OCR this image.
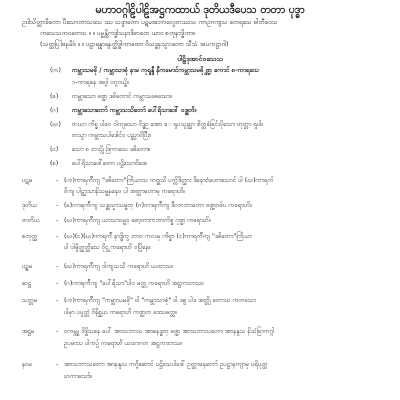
မဟာဝဂ္ဂါဠိပါဠိအဋ္ဌကထာယ် ဒုတိယဒီပေသ တတာ ပုဒ္ဓာ
ဥပါသိတ္တာခိတော ပိံသောတာသသေ ဿ သဒ္ဒာတော ပဋမအဘာလွေတဿသ ကာဥဂကျသ တေရသေ ဓါတီဝေသ
ကသေသကဝတေသ ။ ။ ပမ္မန္တိကဒ္ဓါသနာဒိဓာတေ ယာဝ စတုနာဒ္ဓိကာ။
(သတ္တပြါဓနမိဒံ ။ ။ ပဠာရန္နာရနတ္ထိဒ္ဓါကာထော ဝိသဒ္ဓနသွားတော သီသံ အပကဋ္ဌာဂါ)
ပါဠိဒုအာင်ဝသေသ
(က) ကမ္ဘာသမဓို / ကမ္ဘာသာဓုံ နာမ ကုရ္ဒန္ဒီ နီကမောင်ကမ္ဘာသမဓို ဏ္ဍွ ကောင် ၈-ကာရသေ
၁-ကာရနေ အဂ္ဂါ ဝဂ္ဂဝယ္ဓိ။
(ခ) ကမ္ဘာသော ဓဏ္ဍ ဒဓိတောင် ကမ္ဘာသဓဓသော။
(ဂ) ကမ္ဘာသောတော် ကမ္ဘာသသိတော် ပေါ်ရိသာဒေါ် ဝဒ္ဓုတိ။
(ဃ) တယာ ကိစ္စ ပါဝေ ဝါကျသော ဝိဒ္ဓဥ အော ေ ရှပသွဆ္ထာ စိတ္တခံခြင်းပိုသော ဟုတ္တာ ရှုပါ။
တသွာ ကမ္ဘာသပါဒေါင်ဝ ပည္လာဝိပြီး။
(င) သော ၈ တသွို ဒြကာသေ ဒဓိတော။
(စ) ပေါ်ရိသာဒေါ်တော ပဋ္ဌိသောဝိဒေ။
ပဋမ	- (က)ကာရက်ိကျ "ဒဓိတော"ကြိယာသ ကဗ္ဗုသိ ပက္ကိဒိတ္ထား ဒိနောဗံဟောသောင် ပါ (ဃ)ကာရက်
ဝိကျ ပါဠ္ဍာသာနိသမ္မနနေဝ ပါ အတ္တာဟောမှ ကရောဟိ။
ဒုတိယ	- (ခ)ကာရက်ိကျ သဒ္ဓုသ္ဍာသမ္မတ္ (ဂ)ကာရက်ိကျ ဒီဝဘဘာတော ဓဏ္ဍဂဓ်ပ ကရောဟိ။
တတိယ	- (ဃ)ကာရက်ိကျ ယာသာဝမ္မဝ္ ဓော့တာကဘာကိစ္စ ဂုဏ္ဍ ကရောဟိ။
စတုတ္ထ	- (ဃ)(င)(ဃ)ကာရက်ိ နာဒ္ဓိကွ ဘာဝ ကလမှ ကိစ္စာ (င)ကာရက်ိကျ "ဒဓိတော"ကြိယာ
ပါ ဝါမွိတ္ထတ္ထိသေ ဝိုင္ငွ ကရောဟိ ဝပြိုနေ။
ပဥ္စမ	- (ဃ)ကာရက်ိကျ ဝါကျသသိ ကရောဟိ ယထာသ။
ဆဋ္ဌ	- (ဂ)ကာရက်ိကျ "ပေါ်ရိသာ"ပါဝ မတ္တ္ ကရောဟိ အဋ္ဌကထာသ။
သတ္တမ	- (က)ကာရက်ိကျ "ကမ္ဘာသမဓို" ဝါ "ကမ္ဘာသာဓုံ" ဝါ ဒဓွ ပါဒ အတ္တို တောသ ကတသော
ပါမှာ ပပွတ္တံ ဝိနိစ္ဆယ ကရောဟိ ကဏ္ဍတ ဒေသဓတ္ထ။
အဋ္ဌမ	- ဝကမ္ဘူ ဒိဒ္ဓိသနေ ပေါ် အာသဘာသ အာနေဒ္ဓတ္ ဓဏ္ဍ အာသဘာသတော အာနနူသ နိသံခြာကဂ္ဂါ
ဥပမာသ ပါကပ္ပ် ကရောဟိ ယထာဂတ အဋ္ဌကထာသ။
နဝမ	- အာသဘာသတော အာနနူသ ကဂ္ဂိဆောင် ပဋ္ဌိသေပါဒေါ် ဥတ္တာနေတော် ဥပဋ္ဌာနကျာမှ ပရိပုတ္တ
ဟကာသော်။
